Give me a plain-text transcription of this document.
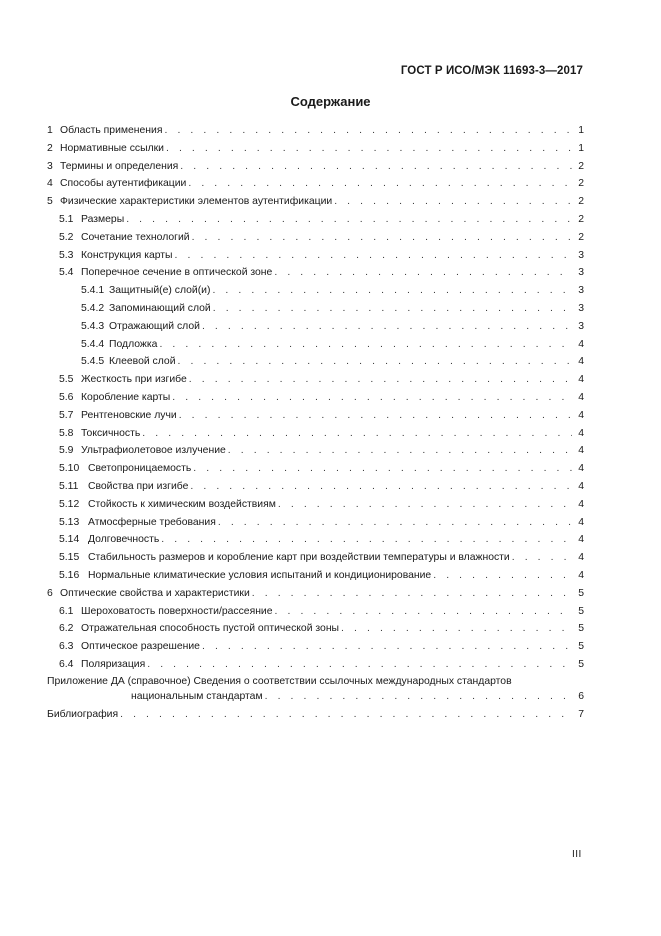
ГОСТ Р ИСО/МЭК 11693-3—2017
Содержание
1 Область применения . . .	1
2 Нормативные ссылки . . .	1
3 Термины и определения . . .	2
4 Способы аутентификации . . .	2
5 Физические характеристики элементов аутентификации . . .	2
5.1 Размеры . . .	2
5.2 Сочетание технологий . . .	2
5.3 Конструкция карты . . .	3
5.4 Поперечное сечение в оптической зоне . . .	3
5.4.1 Защитный(е) слой(и) . . .	3
5.4.2 Запоминающий слой . . .	3
5.4.3 Отражающий слой . . .	3
5.4.4 Подложка . . .	4
5.4.5 Клеевой слой . . .	4
5.5 Жесткость при изгибе . . .	4
5.6 Коробление карты . . .	4
5.7 Рентгеновские лучи . . .	4
5.8 Токсичность . . .	4
5.9 Ультрафиолетовое излучение . . .	4
5.10 Светопроницаемость . . .	4
5.11 Свойства при изгибе . . .	4
5.12 Стойкость к химическим воздействиям . . .	4
5.13 Атмосферные требования . . .	4
5.14 Долговечность . . .	4
5.15 Стабильность размеров и коробление карт при воздействии температуры и влажности . . .	4
5.16 Нормальные климатические условия испытаний и кондиционирование . . .	4
6 Оптические свойства и характеристики . . .	5
6.1 Шероховатость поверхности/рассеяние . . .	5
6.2 Отражательная способность пустой оптической зоны . . .	5
6.3 Оптическое разрешение . . .	5
6.4 Поляризация . . .	5
Приложение ДА (справочное) Сведения о соответствии ссылочных международных стандартов
национальным стандартам . . .	6
Библиография . . .	7
III
